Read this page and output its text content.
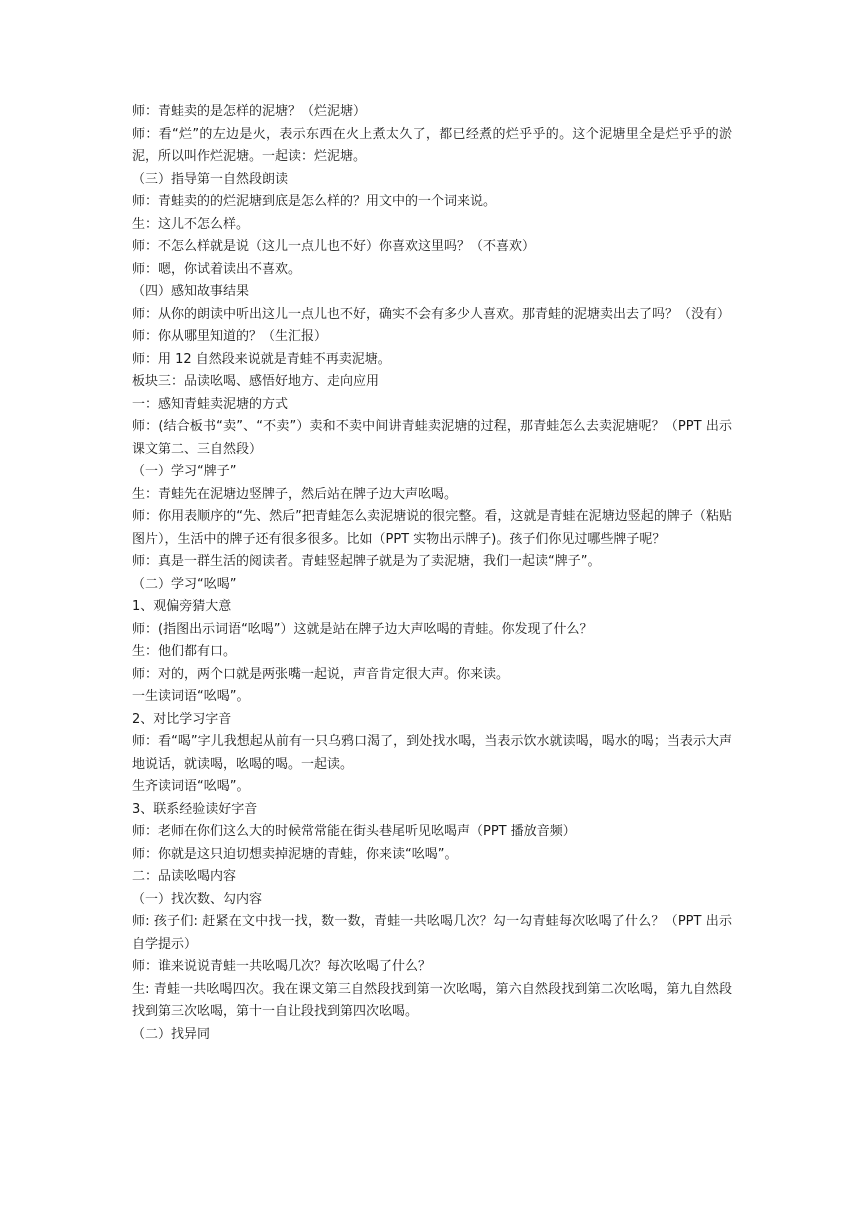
师：青蛙卖的是怎样的泥塘？（烂泥塘）

师：看“烂”的左边是火，表示东西在火上煮太久了，都已经煮的烂乎乎的。这个泥塘里全是烂乎乎的淤泥，所以叫作烂泥塘。一起读：烂泥塘。

（三）指导第一自然段朗读

师：青蛙卖的的烂泥塘到底是怎么样的？用文中的一个词来说。

生：这儿不怎么样。

师：不怎么样就是说（这儿一点儿也不好）你喜欢这里吗？（不喜欢）

师：嗯，你试着读出不喜欢。

（四）感知故事结果

师：从你的朗读中听出这儿一点儿也不好，确实不会有多少人喜欢。那青蛙的泥塘卖出去了吗？（没有）

师：你从哪里知道的？（生汇报）

师：用 12 自然段来说就是青蛙不再卖泥塘。

板块三：品读吆喝、感悟好地方、走向应用

一：感知青蛙卖泥塘的方式

师：(结合板书“卖”、“不卖”）卖和不卖中间讲青蛙卖泥塘的过程，那青蛙怎么去卖泥塘呢？（PPT 出示课文第二、三自然段）

（一）学习“牌子”

生：青蛙先在泥塘边竖牌子，然后站在牌子边大声吆喝。

师：你用表顺序的“先、然后”把青蛙怎么卖泥塘说的很完整。看，这就是青蛙在泥塘边竖起的牌子（粘贴图片），生活中的牌子还有很多很多。比如（PPT 实物出示牌子)。孩子们你见过哪些牌子呢？

师：真是一群生活的阅读者。青蛙竖起牌子就是为了卖泥塘，我们一起读“牌子”。

（二）学习“吆喝”

1、观偏旁猜大意

师：(指图出示词语“吆喝”）这就是站在牌子边大声吆喝的青蛙。你发现了什么？

生：他们都有口。

师：对的，两个口就是两张嘴一起说，声音肯定很大声。你来读。

一生读词语“吆喝”。

2、对比学习字音

师：看“喝”字儿我想起从前有一只乌鸦口渴了，到处找水喝，当表示饮水就读喝，喝水的喝；当表示大声地说话，就读喝，吆喝的喝。一起读。

生齐读词语“吆喝”。

3、联系经验读好字音

师：老师在你们这么大的时候常常能在街头巷尾听见吆喝声（PPT 播放音频）

师：你就是这只迫切想卖掉泥塘的青蛙，你来读“吆喝”。

二：品读吆喝内容

（一）找次数、勾内容

师: 孩子们: 赶紧在文中找一找，数一数，青蛙一共吆喝几次？勾一勾青蛙每次吆喝了什么？（PPT 出示自学提示）

师：谁来说说青蛙一共吆喝几次？每次吆喝了什么？

生: 青蛙一共吆喝四次。我在课文第三自然段找到第一次吆喝，第六自然段找到第二次吆喝，第九自然段找到第三次吆喝，第十一自让段找到第四次吆喝。

（二）找异同
